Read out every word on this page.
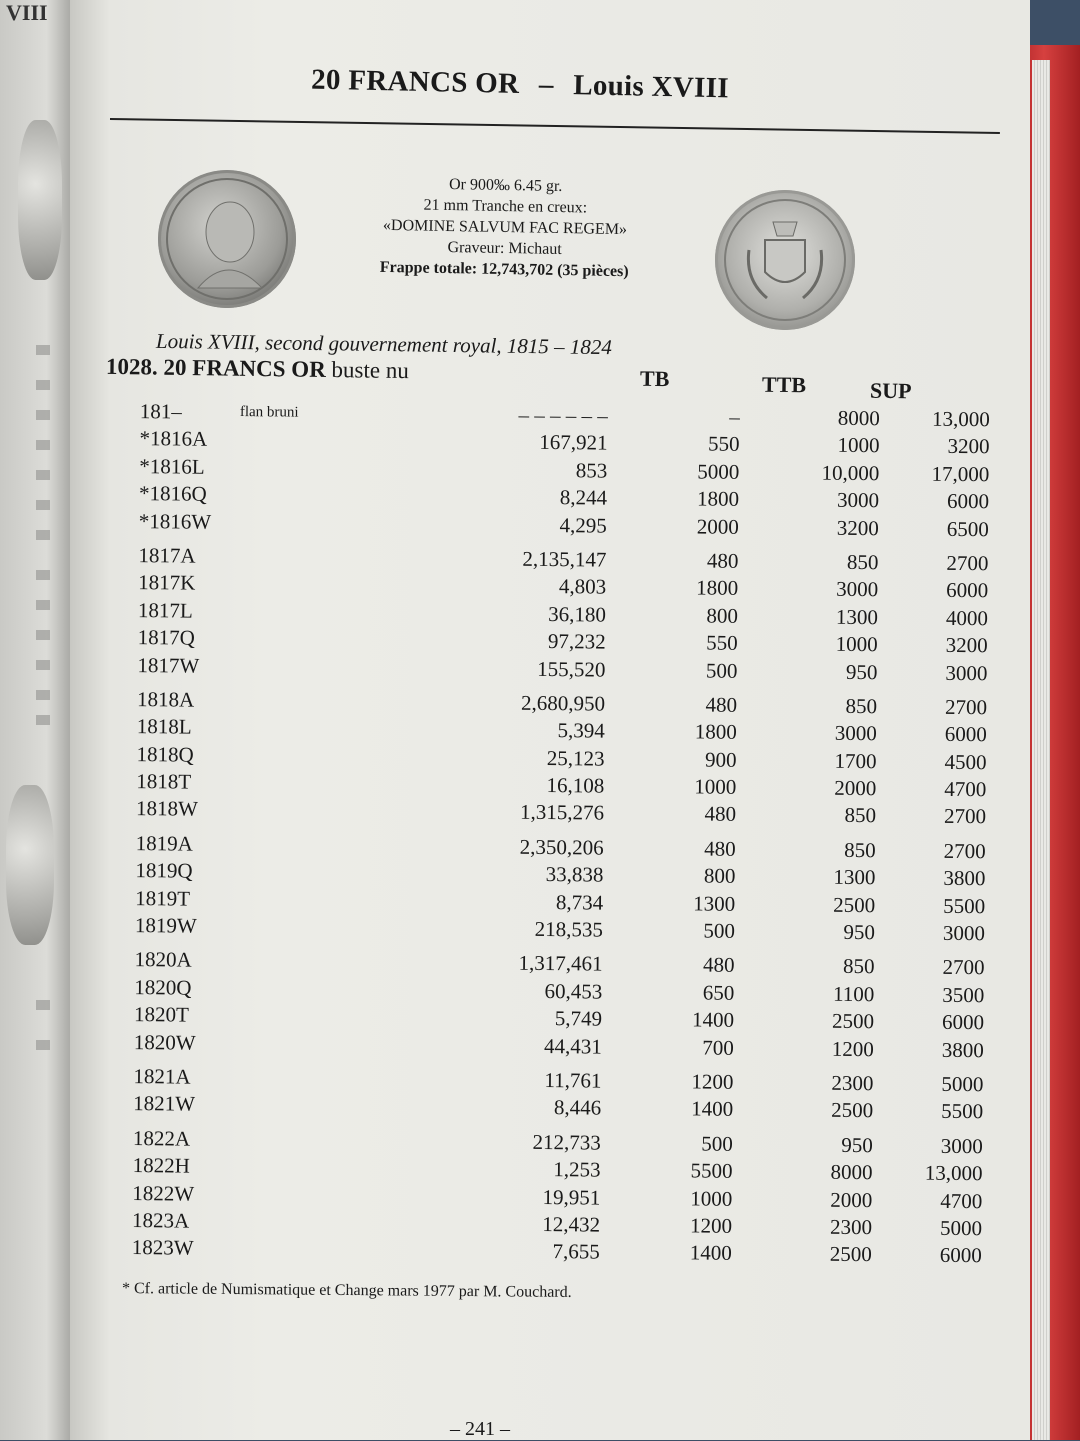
VIII
20 FRANCS OR – Louis XVIII
Or 900‰ 6.45 gr.
21 mm Tranche en creux:
«DOMINE SALVUM FAC REGEM»
Graveur: Michaut
Frappe totale: 12,743,702 (35 pièces)
Louis XVIII, second gouvernement royal, 1815 – 1824
1028. 20 FRANCS OR buste nu	TB	TTB	SUP
181–	flan bruni	– – – – – –	–	8000 13,000
*1816A	167,921	550	1000	3200
*1816L	853	5000	10,000 17,000
*1816Q	8,244	1800	3000	6000
*1816W	4,295	2000	3200	6500
1817A	2,135,147	480	850	2700
1817K	4,803	1800	3000	6000
1817L	36,180	800	1300	4000
1817Q	97,232	550	1000	3200
1817W	155,520	500	950	3000
1818A	2,680,950	480	850	2700
1818L	5,394	1800	3000	6000
1818Q	25,123	900	1700	4500
1818T	16,108	1000	2000	4700
1818W	1,315,276	480	850	2700
1819A	2,350,206	480	850	2700
1819Q	33,838	800	1300	3800
1819T	8,734	1300	2500	5500
1819W	218,535	500	950	3000
1820A	1,317,461	480	850	2700
1820Q	60,453	650	1100	3500
1820T	5,749	1400	2500	6000
1820W	44,431	700	1200	3800
1821A	11,761	1200	2300	5000
1821W	8,446	1400	2500	5500
1822A	212,733	500	950	3000
1822H	1,253	5500	8000 13,000
1822W	19,951	1000	2000	4700
1823A	12,432	1200	2300	5000
1823W	7,655	1400	2500	6000
* Cf. article de Numismatique et Change mars 1977 par M. Couchard.
– 241 –
